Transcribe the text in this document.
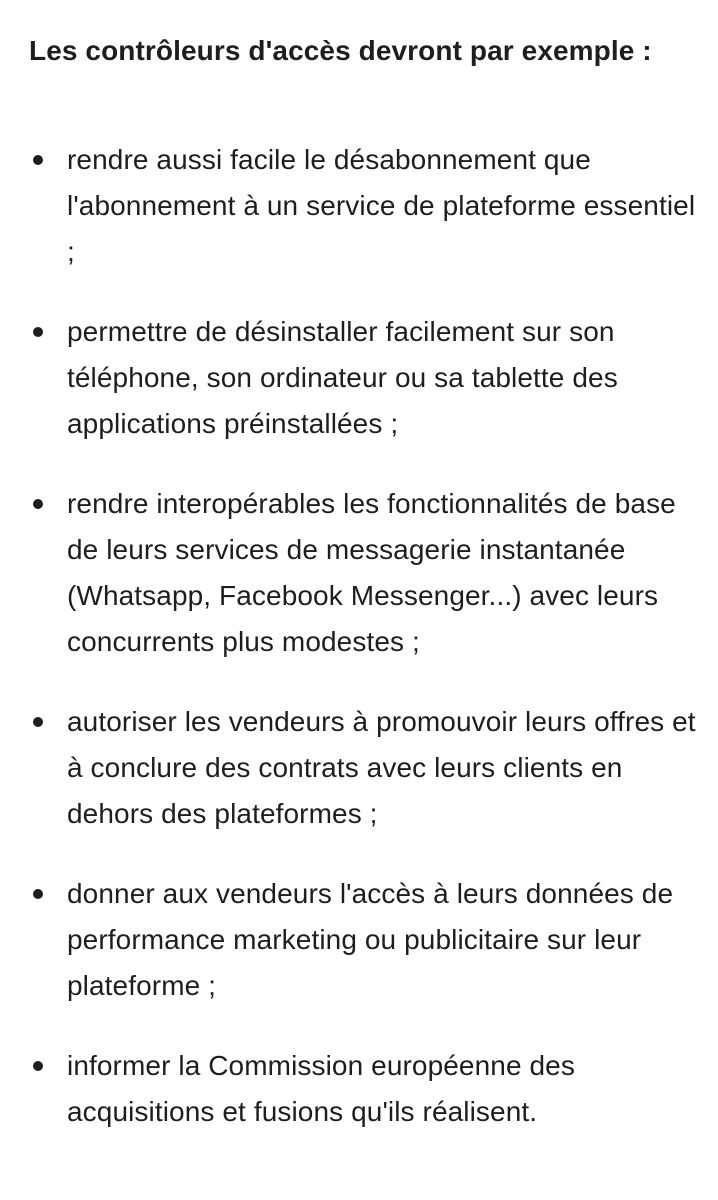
Les contrôleurs d'accès devront par exemple :

rendre aussi facile le désabonnement que l'abonnement à un service de plateforme essentiel ;
permettre de désinstaller facilement sur son téléphone, son ordinateur ou sa tablette des applications préinstallées ;
rendre interopérables les fonctionnalités de base de leurs services de messagerie instantanée (Whatsapp, Facebook Messenger...) avec leurs concurrents plus modestes ;
autoriser les vendeurs à promouvoir leurs offres et à conclure des contrats avec leurs clients en dehors des plateformes ;
donner aux vendeurs l'accès à leurs données de performance marketing ou publicitaire sur leur plateforme ;
informer la Commission européenne des acquisitions et fusions qu'ils réalisent.
